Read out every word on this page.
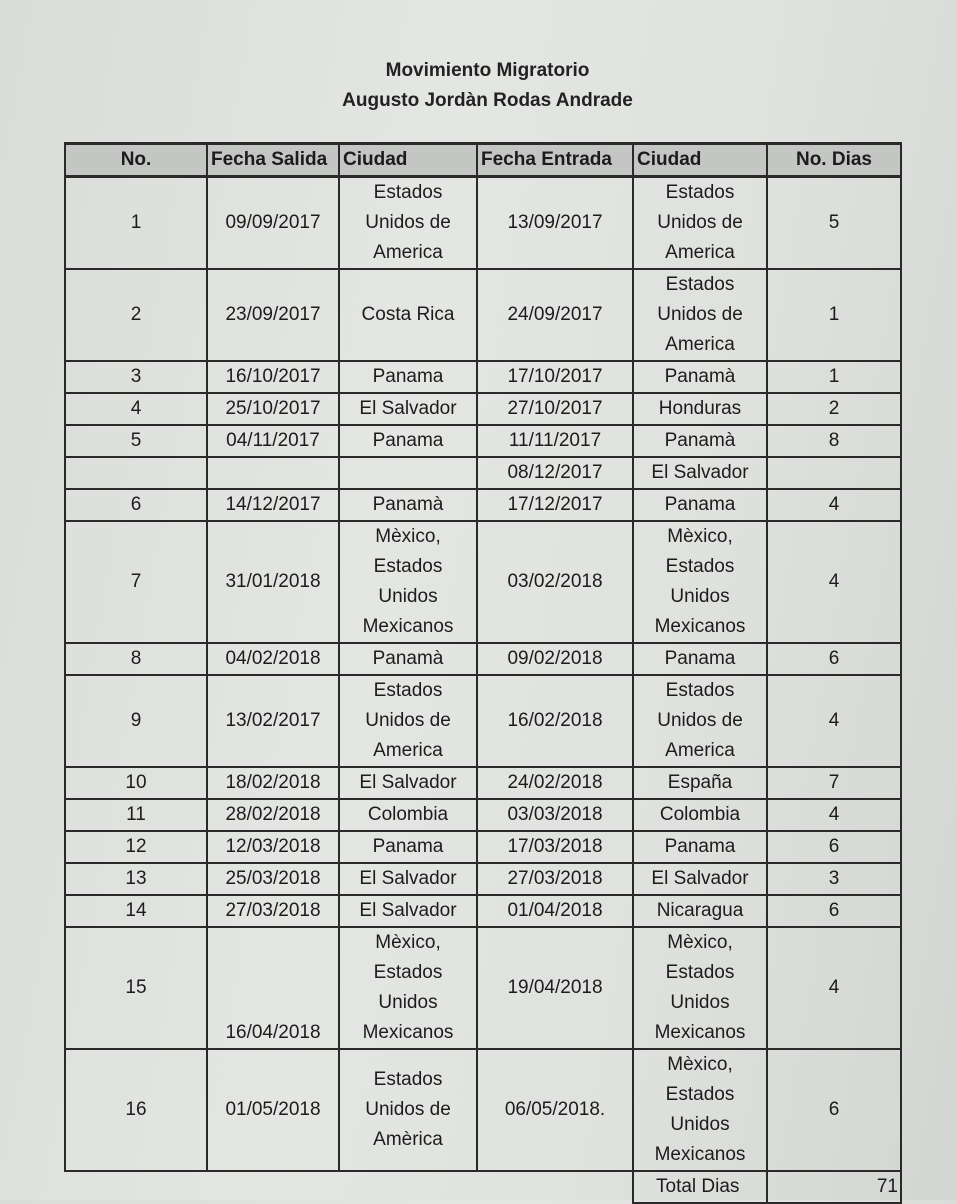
Movimiento Migratorio
Augusto Jordàn Rodas Andrade
No.	Fecha Salida	Ciudad	Fecha Entrada	Ciudad	No. Dias
1	09/09/2017	Estados Unidos de America	13/09/2017	Estados Unidos de America	5
2	23/09/2017	Costa Rica	24/09/2017	Estados Unidos de America	1
3	16/10/2017	Panama	17/10/2017	Panamà	1
4	25/10/2017	El Salvador	27/10/2017	Honduras	2
5	04/11/2017	Panama	11/11/2017	Panamà	8
			08/12/2017	El Salvador	
6	14/12/2017	Panamà	17/12/2017	Panama	4
7	31/01/2018	Mèxico, Estados Unidos Mexicanos	03/02/2018	Mèxico, Estados Unidos Mexicanos	4
8	04/02/2018	Panamà	09/02/2018	Panama	6
9	13/02/2017	Estados Unidos de America	16/02/2018	Estados Unidos de America	4
10	18/02/2018	El Salvador	24/02/2018	España	7
11	28/02/2018	Colombia	03/03/2018	Colombia	4
12	12/03/2018	Panama	17/03/2018	Panama	6
13	25/03/2018	El Salvador	27/03/2018	El Salvador	3
14	27/03/2018	El Salvador	01/04/2018	Nicaragua	6
15	16/04/2018	Mèxico, Estados Unidos Mexicanos	19/04/2018	Mèxico, Estados Unidos Mexicanos	4
16	01/05/2018	Estados Unidos de Amèrica	06/05/2018.	Mèxico, Estados Unidos Mexicanos	6
				Total Dias	71
